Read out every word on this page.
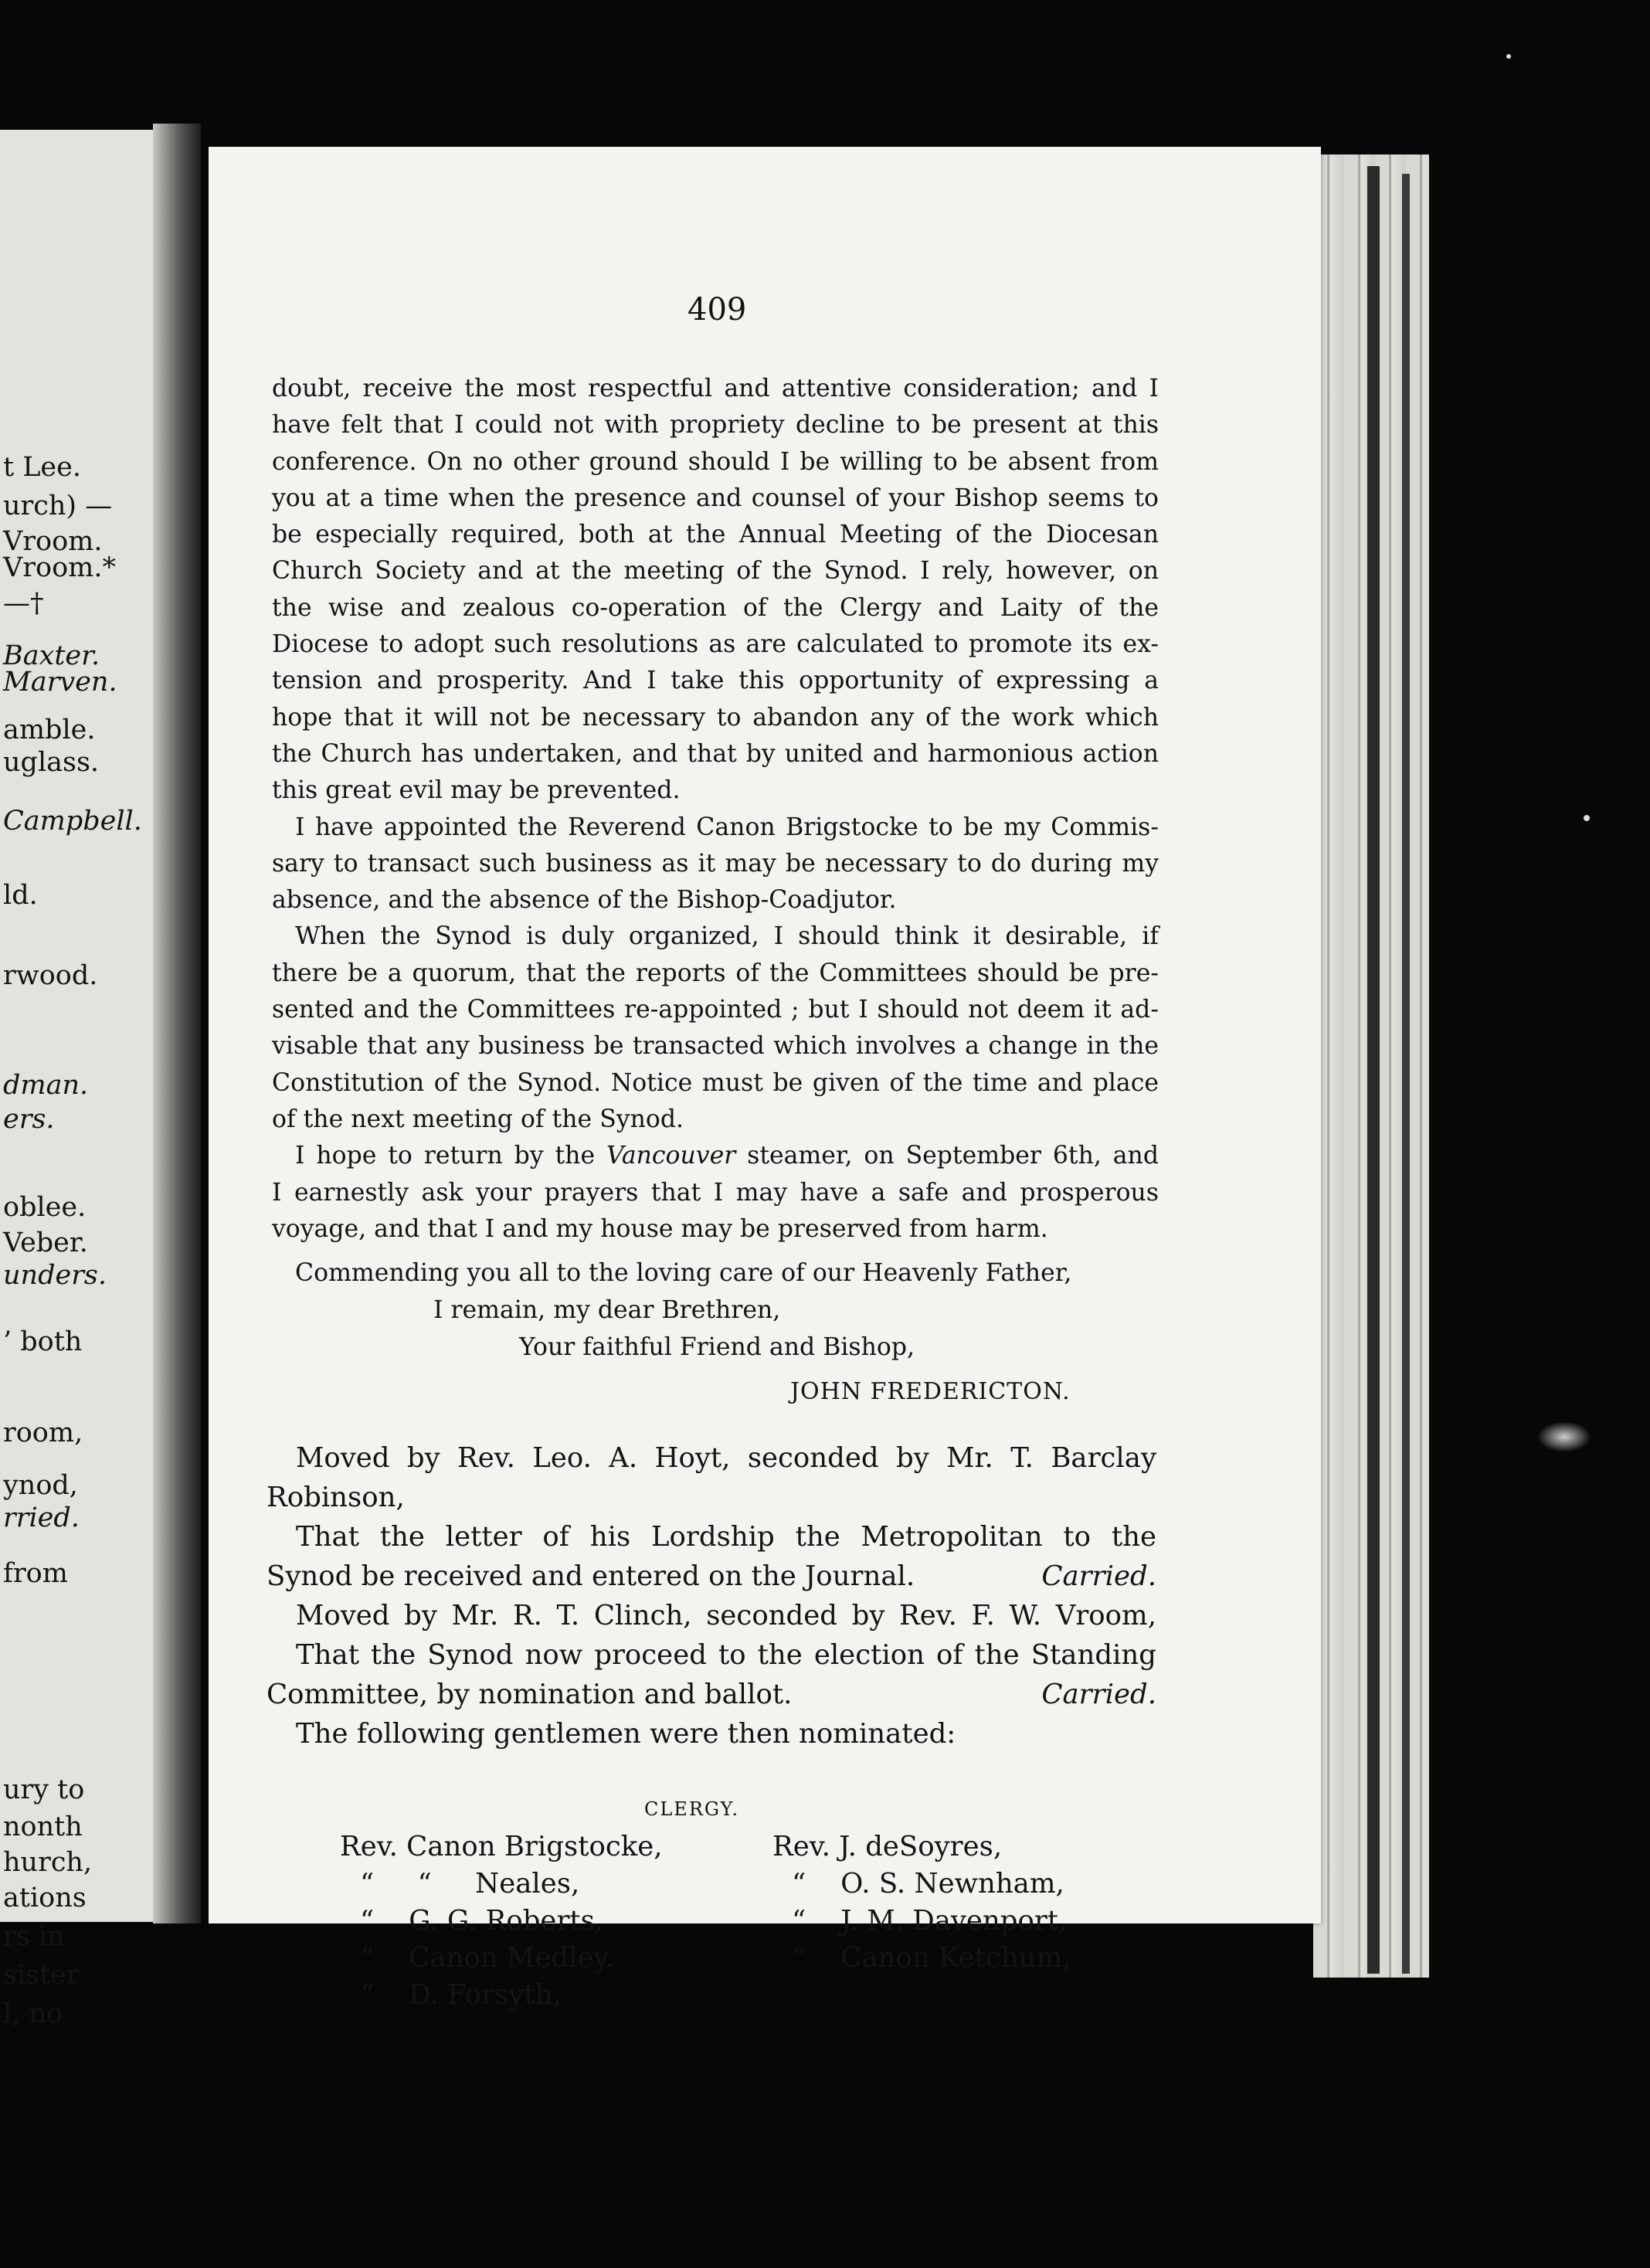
t Lee.
urch) —
Vroom.
Vroom.*
—†
Baxter.
Marven.
amble.
uglass.
Campbell.
ld.
rwood.
dman.
ers.
oblee.
Veber.
unders.
’ both
room,
ynod,
rried.
from
ury to
nonth
hurch,
ations
rs in
sister
l, no
409

doubt, receive the most respectful and attentive consideration; and I

have felt that I could not with propriety decline to be present at this

conference. On no other ground should I be willing to be absent from

you at a time when the presence and counsel of your Bishop seems to

be especially required, both at the Annual Meeting of the Diocesan

Church Society and at the meeting of the Synod. I rely, however, on

the wise and zealous co-operation of the Clergy and Laity of the

Diocese to adopt such resolutions as are calculated to promote its ex-

tension and prosperity. And I take this opportunity of expressing a

hope that it will not be necessary to abandon any of the work which

the Church has undertaken, and that by united and harmonious action

this great evil may be prevented.

I have appointed the Reverend Canon Brigstocke to be my Commis-

sary to transact such business as it may be necessary to do during my

absence, and the absence of the Bishop-Coadjutor.

When the Synod is duly organized, I should think it desirable, if

there be a quorum, that the reports of the Committees should be pre-

sented and the Committees re-appointed ; but I should not deem it ad-

visable that any business be transacted which involves a change in the

Constitution of the Synod. Notice must be given of the time and place

of the next meeting of the Synod.

I hope to return by the Vancouver steamer, on September 6th, and

I earnestly ask your prayers that I may have a safe and prosperous

voyage, and that I and my house may be preserved from harm.

Commending you all to the loving care of our Heavenly Father,
I remain, my dear Brethren,
Your faithful Friend and Bishop,
JOHN FREDERICTON.

Moved by Rev. Leo. A. Hoyt, seconded by Mr. T. Barclay

Robinson,

That the letter of his Lordship the Metropolitan to the

Synod be received and entered on the Journal.	Carried.

Moved by Mr. R. T. Clinch, seconded by Rev. F. W. Vroom,

That the Synod now proceed to the election of the Standing

Committee, by nomination and ballot.	Carried.

The following gentlemen were then nominated:

CLERGY.
Rev. Canon Brigstocke,
“     “     Neales,
“    G. G. Roberts,
“    Canon Medley.
“    D. Forsyth,
Rev. J. deSoyres,
“    O. S. Newnham,
“    J. M. Davenport,
“    Canon Ketchum,
